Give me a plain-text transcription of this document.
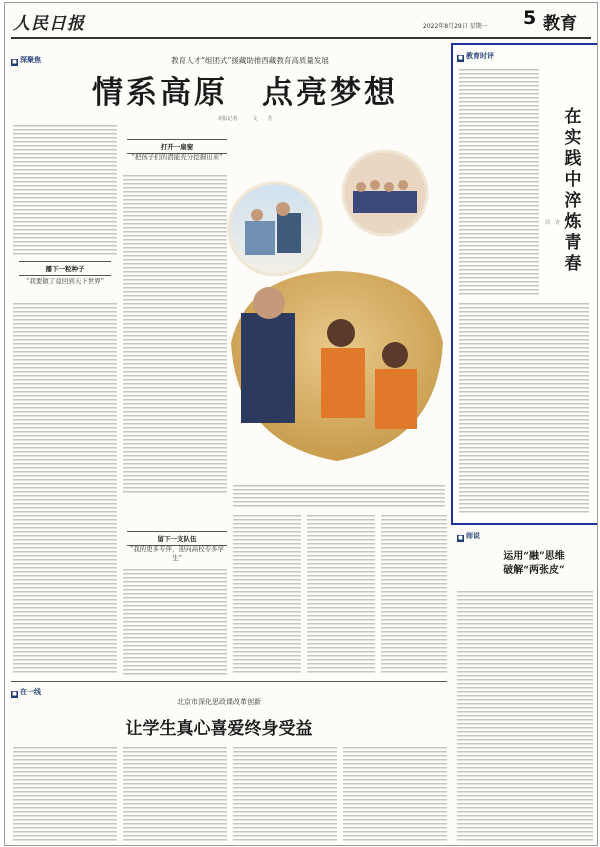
人民日报	2022年8月29日 星期一 5 教育
■ 深聚焦	教育人才“组团式”援藏助推西藏教育高质量发展
情系高原　点亮梦想
本报记者　　　文　　芳
播下一粒种子
“我要做了竟回到天下世界”
打开一扇窗
“把孩子们的潜能充分挖掘出来”
留下一支队伍
“我的更多专伴，迎向高校专多学生”
■ 教育时评
在实践中淬炼青春
周　青
■ 师说
运用“融”思维
破解“两张皮”
■ 在一线
北京市深化思政课改革创新
让学生真心喜爱终身受益
